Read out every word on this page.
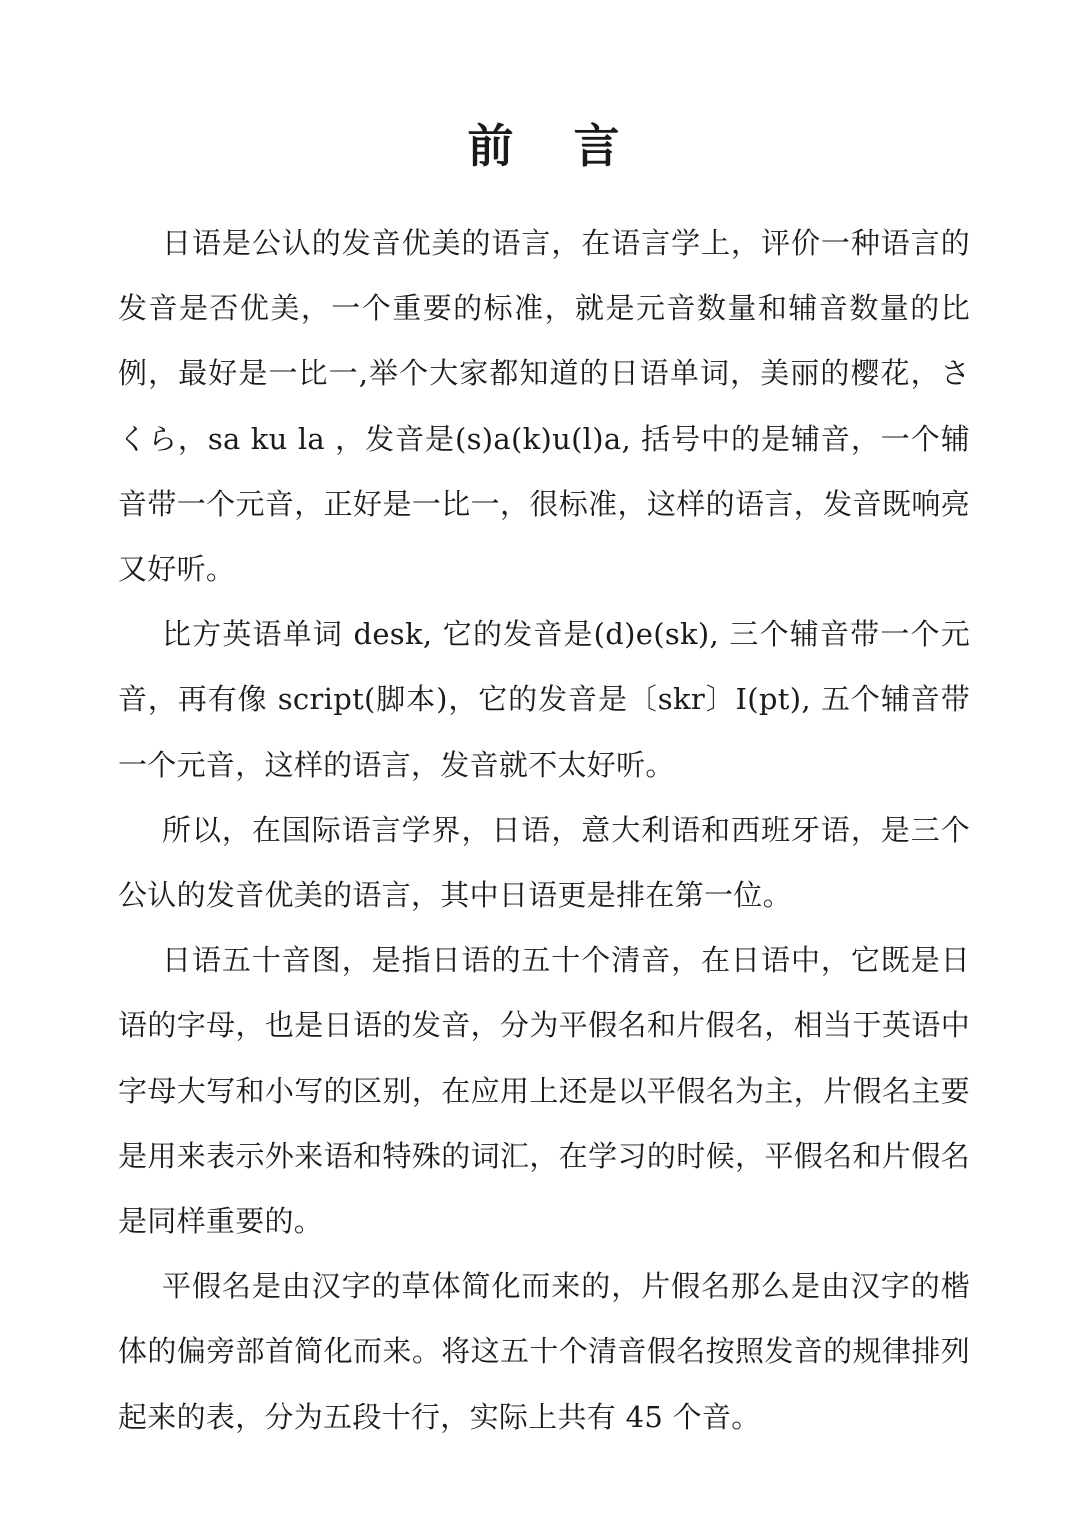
前 言

日语是公认的发音优美的语言，在语言学上，评价一种语言的发音是否优美，一个重要的标准，就是元音数量和辅音数量的比例，最好是一比一,举个大家都知道的日语单词，美丽的樱花，さくら，sa ku la ，发音是(s)a(k)u(l)a, 括号中的是辅音，一个辅音带一个元音，正好是一比一，很标准，这样的语言，发音既响亮又好听。

比方英语单词 desk, 它的发音是(d)e(sk), 三个辅音带一个元音，再有像 script(脚本)，它的发音是〔skr〕I(pt), 五个辅音带一个元音，这样的语言，发音就不太好听。

所以，在国际语言学界，日语，意大利语和西班牙语，是三个公认的发音优美的语言，其中日语更是排在第一位。

日语五十音图，是指日语的五十个清音，在日语中，它既是日语的字母，也是日语的发音，分为平假名和片假名，相当于英语中字母大写和小写的区别，在应用上还是以平假名为主，片假名主要是用来表示外来语和特殊的词汇，在学习的时候，平假名和片假名是同样重要的。

平假名是由汉字的草体简化而来的，片假名那么是由汉字的楷体的偏旁部首简化而来。将这五十个清音假名按照发音的规律排列起来的表，分为五段十行，实际上共有 45 个音。
